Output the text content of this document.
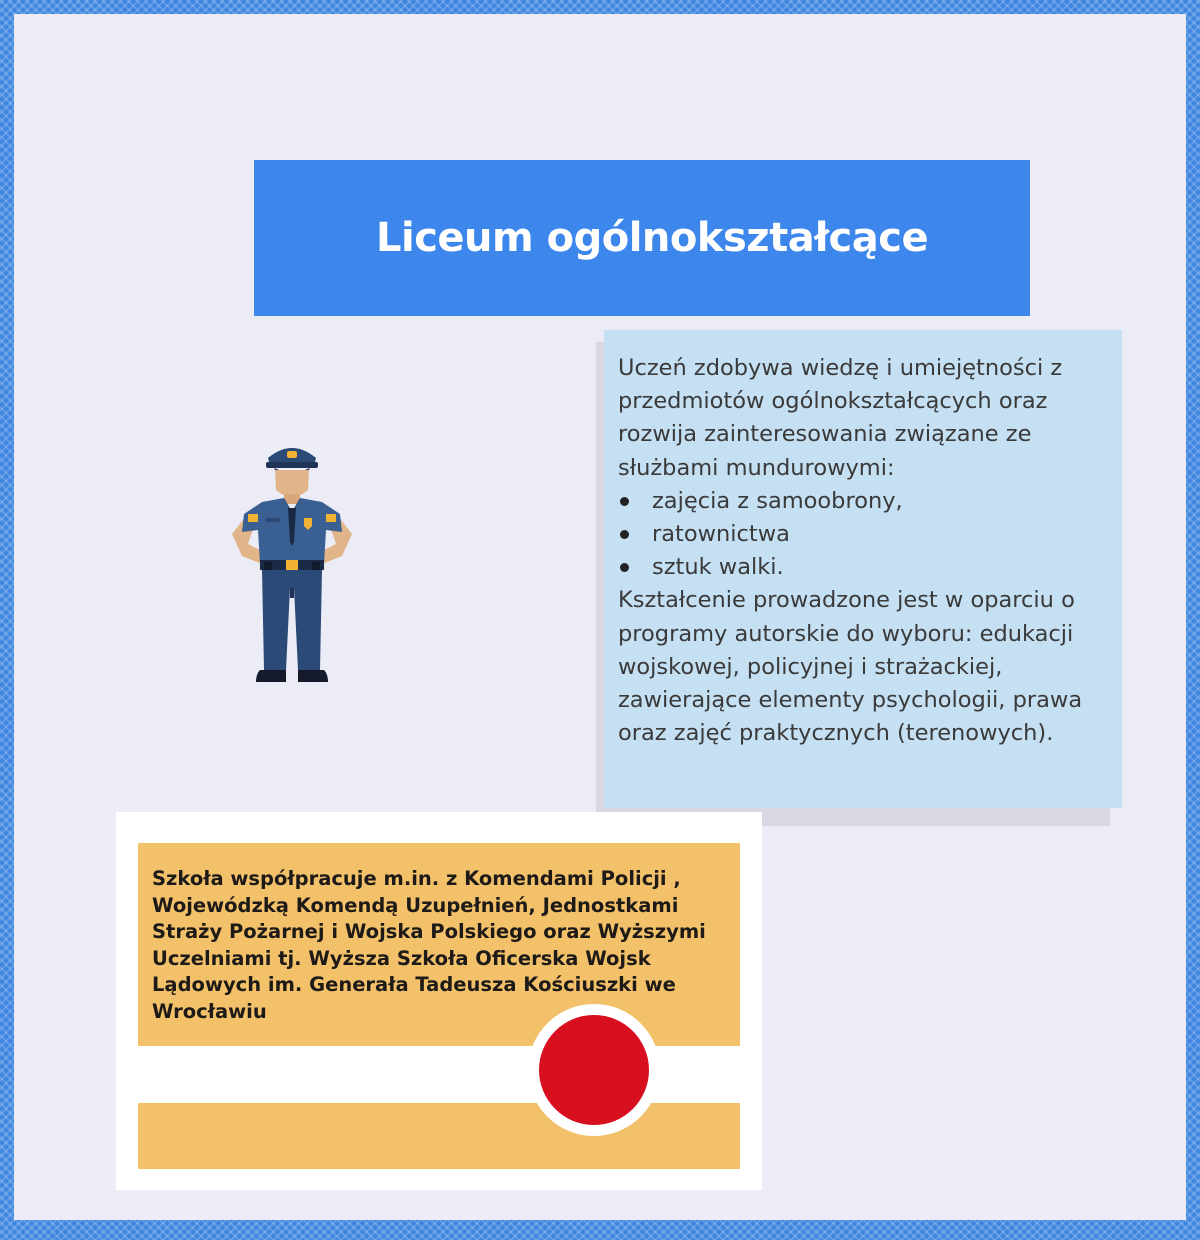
Liceum ogólnokształcące

Uczeń zdobywa wiedzę i umiejętności z przedmiotów ogólnokształcących oraz rozwija zainteresowania związane ze służbami mundurowymi:

zajęcia z samoobrony,
ratownictwa
sztuk walki.

Kształcenie prowadzone jest w oparciu o programy autorskie do wyboru: edukacji wojskowej, policyjnej i strażackiej, zawierające elementy psychologii, prawa oraz zajęć praktycznych (terenowych).

Szkoła współpracuje m.in. z Komendami Policji , Wojewódzką Komendą Uzupełnień, Jednostkami Straży Pożarnej i Wojska Polskiego oraz Wyższymi Uczelniami tj. Wyższa Szkoła Oficerska Wojsk Lądowych im. Generała Tadeusza Kościuszki we Wrocławiu
